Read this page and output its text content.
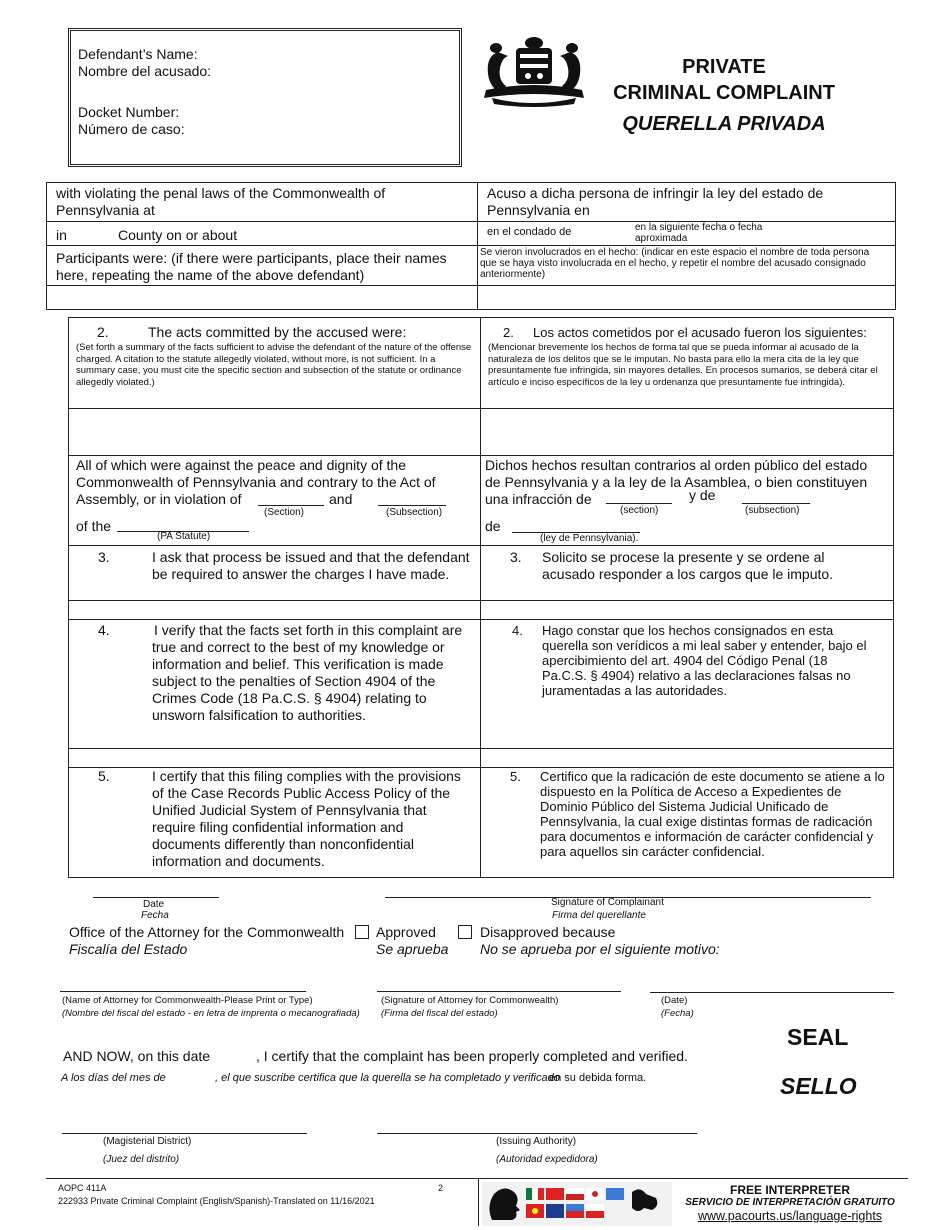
Defendant’s Name:
Nombre del acusado:
Docket Number:
Número de caso:
PRIVATE
CRIMINAL COMPLAINT
QUERELLA PRIVADA
with violating the penal laws of the Commonwealth of Pennsylvania at
Acuso a dicha persona de infringir la ley del estado de Pennsylvania en
in	County on or about	en el condado de	en la siguiente fecha o fecha aproximada
Participants were: (if there were participants, place their names here, repeating the name of the above defendant)
Se vieron involucrados en el hecho: (indicar en este espacio el nombre de toda persona que se haya visto involucrada en el hecho, y repetir el nombre del acusado consignado anteriormente)
2.	The acts committed by the accused were:
(Set forth a summary of the facts sufficient to advise the defendant of the nature of the offense charged. A citation to the statute allegedly violated, without more, is not sufficient. In a summary case, you must cite the specific section and subsection of the statute or ordinance allegedly violated.)
2. Los actos cometidos por el acusado fueron los siguientes:
(Mencionar brevemente los hechos de forma tal que se pueda informar al acusado de la naturaleza de los delitos que se le imputan. No basta para ello la mera cita de la ley que presuntamente fue infringida, sin mayores detalles. En procesos sumarios, se deberá citar el artículo e inciso específicos de la ley u ordenanza que presuntamente fue infringida).
All of which were against the peace and dignity of the
Commonwealth of Pennsylvania and contrary to the Act of
Assembly, or in violation of	and
(Section)	(Subsection)
of the
(PA Statute)
Dichos hechos resultan contrarios al orden público del estado
de Pennsylvania y a la ley de la Asamblea, o bien constituyen
una infracción de	y de
(section)	(subsection)
de
(ley de Pennsylvania).
3.	I ask that process be issued and that the defendant be required to answer the charges I have made.
3. Solicito se procese la presente y se ordene al acusado responder a los cargos que le imputo.
4.	I verify that the facts set forth in this complaint are true and correct to the best of my knowledge or information and belief. This verification is made subject to the penalties of Section 4904 of the Crimes Code (18 Pa.C.S. § 4904) relating to unsworn falsification to authorities.
4. Hago constar que los hechos consignados en esta querella son verídicos a mi leal saber y entender, bajo el apercibimiento del art. 4904 del Código Penal (18 Pa.C.S. § 4904) relativo a las declaraciones falsas no juramentadas a las autoridades.
5.	I certify that this filing complies with the provisions of the Case Records Public Access Policy of the Unified Judicial System of Pennsylvania that require filing confidential information and documents differently than nonconfidential information and documents.
5. Certifico que la radicación de este documento se atiene a lo dispuesto en la Política de Acceso a Expedientes de Dominio Público del Sistema Judicial Unificado de Pennsylvania, la cual exige distintas formas de radicación para documentos e información de carácter confidencial y para aquellos sin carácter confidencial.
Date
Fecha
Signature of Complainant
Firma del querellante
Office of the Attorney for the Commonwealth
Fiscalía del Estado
Approved
Se aprueba
Disapproved because
No se aprueba por el siguiente motivo:
(Name of Attorney for Commonwealth-Please Print or Type)
(Nombre del fiscal del estado - en letra de imprenta o mecanografiada)
(Signature of Attorney for Commonwealth)
(Firma del fiscal del estado)
(Date)
(Fecha)
SEAL
SELLO
AND NOW, on this date	, I certify that the complaint has been properly completed and verified.
A los días del mes de	, el que suscribe certifica que la querella se ha completado y verificado
en su debida forma.
(Magisterial District)
(Juez del distrito)
(Issuing Authority)
(Autoridad expedidora)
AOPC 411A
222933 Private Criminal Complaint (English/Spanish)-Translated on 11/16/2021
2	FREE INTERPRETER
SERVICIO DE INTERPRETACIÓN GRATUITO
www.pacourts.us/language-rights
